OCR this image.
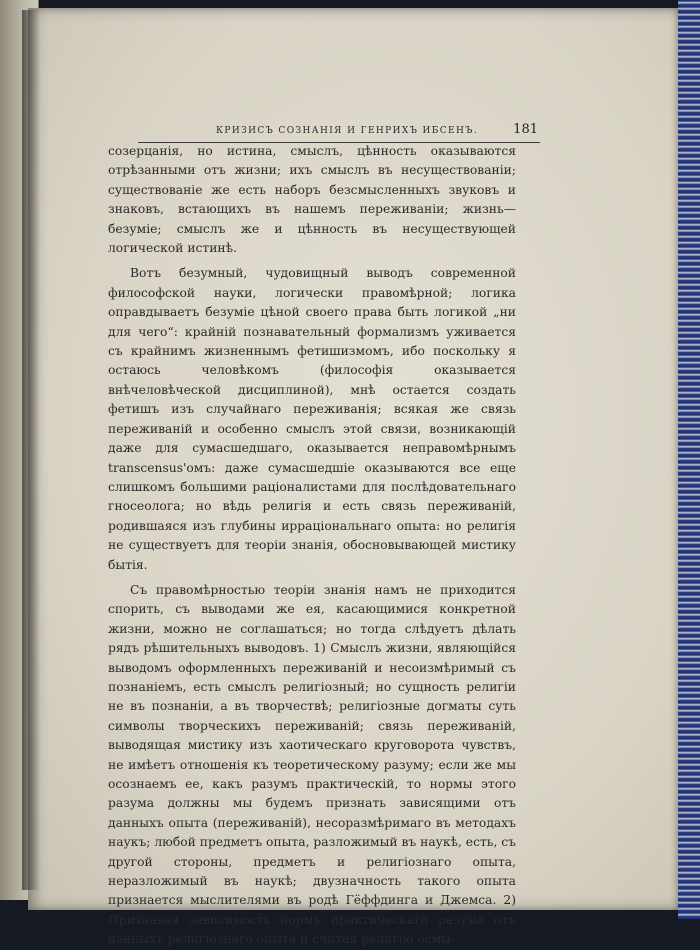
КРИЗИСЪ СОЗНАНІЯ И ГЕНРИХЪ ИБСЕНЪ.	181

созерцанія, но истина, смыслъ, цѣнность оказываются отрѣзанными отъ жизни; ихъ смыслъ въ несуществованіи; существованіе же есть наборъ безсмысленныхъ звуковъ и знаковъ, встающихъ въ нашемъ переживаніи; жизнь—безуміе; смыслъ же и цѣнность въ несуществующей логической истинѣ.

Вотъ безумный, чудовищный выводъ современной философской науки, логически правомѣрной; логика оправдываетъ безуміе цѣной своего права быть логикой „ни для чего“: крайній познавательный формализмъ уживается съ крайнимъ жизненнымъ фетишизмомъ, ибо поскольку я остаюсь человѣкомъ (философія оказывается внѣчеловѣческой дисциплиной), мнѣ остается создать фетишъ изъ случайнаго переживанія; всякая же связь переживаній и особенно смыслъ этой связи, возникающій даже для сумасшедшаго, оказывается неправомѣрнымъ transcensus'омъ: даже сумасшедшіе оказываются все еще слишкомъ большими раціоналистами для послѣдовательнаго гносеолога; но вѣдь религія и есть связь переживаній, родившаяся изъ глубины ирраціональнаго опыта: но религія не существуетъ для теоріи знанія, обосновывающей мистику бытія.

Съ правомѣрностью теоріи знанія намъ не приходится спорить, съ выводами же ея, касающимися конкретной жизни, можно не соглашаться; но тогда слѣдуетъ дѣлать рядъ рѣшительныхъ выводовъ. 1) Смыслъ жизни, являющійся выводомъ оформленныхъ переживаній и несоизмѣримый съ познаніемъ, есть смыслъ религіозный; но сущность религіи не въ познаніи, а въ творчествѣ; религіозные догматы суть символы творческихъ переживаній; связь переживаній, выводящая мистику изъ хаотическаго круговорота чувствъ, не имѣетъ отношенія къ теоретическому разуму; если же мы осознаемъ ее, какъ разумъ практическій, то нормы этого разума должны мы будемъ признать зависящими отъ данныхъ опыта (переживаній), несоразмѣримаго въ методахъ наукъ; любой предметъ опыта, разложимый въ наукѣ, есть, съ другой стороны, предметъ и религіознаго опыта, неразложимый въ наукѣ; двузначность такого опыта признается мыслителями въ родѣ Гёффдинга и Джемса. 2) Признавая зависимость нормъ практическаго разума отъ данныхъ религіознаго опыта и считая религію осмы-
